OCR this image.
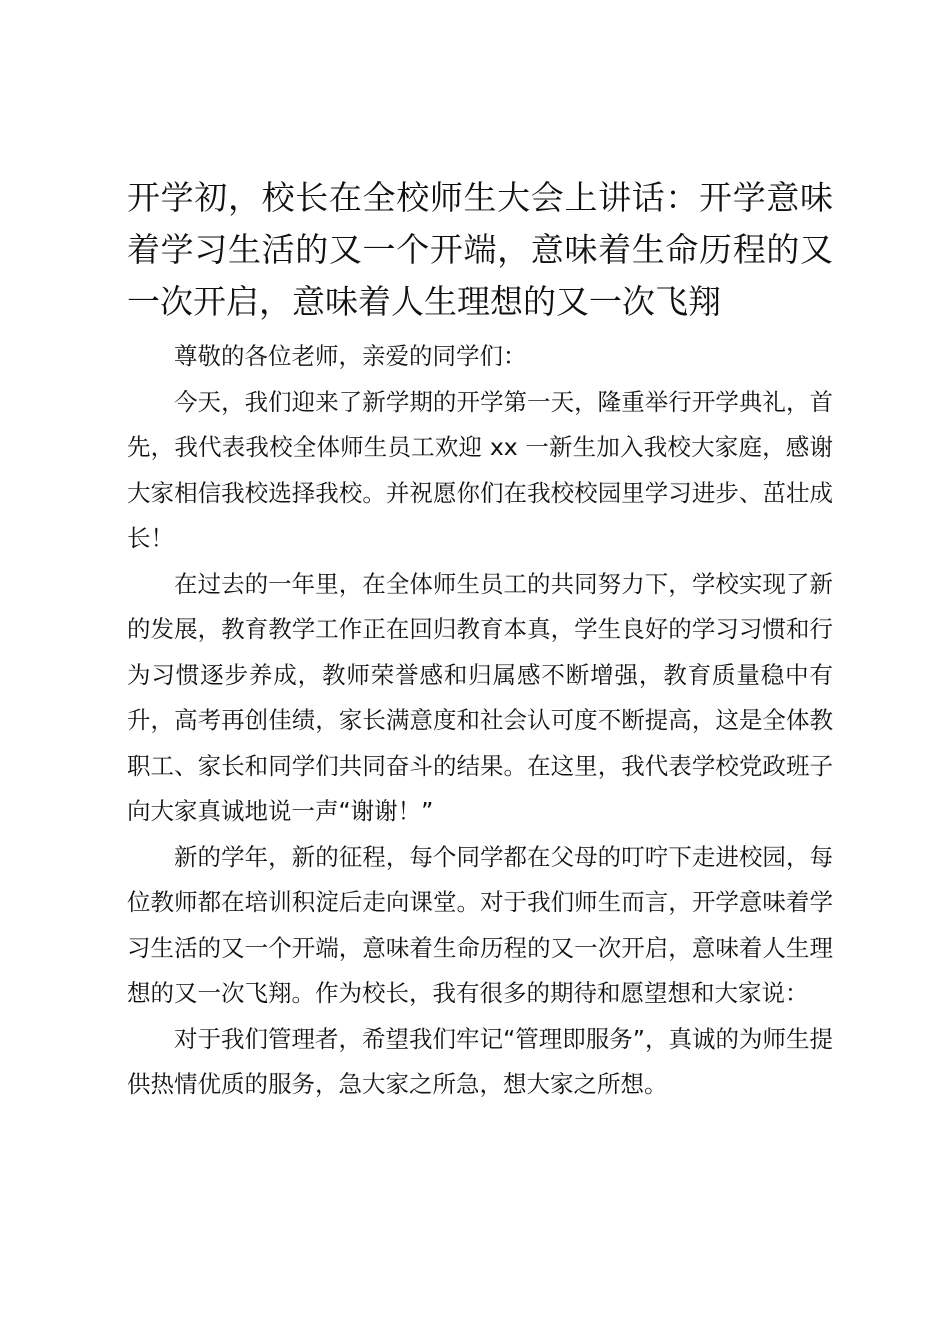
开学初，校长在全校师生大会上讲话：开学意味着学习生活的又一个开端，意味着生命历程的又一次开启，意味着人生理想的又一次飞翔

尊敬的各位老师，亲爱的同学们：

今天，我们迎来了新学期的开学第一天，隆重举行开学典礼，首先，我代表我校全体师生员工欢迎 xx 一新生加入我校大家庭，感谢大家相信我校选择我校。并祝愿你们在我校校园里学习进步、茁壮成长！

在过去的一年里，在全体师生员工的共同努力下，学校实现了新的发展，教育教学工作正在回归教育本真，学生良好的学习习惯和行为习惯逐步养成，教师荣誉感和归属感不断增强，教育质量稳中有升，高考再创佳绩，家长满意度和社会认可度不断提高，这是全体教职工、家长和同学们共同奋斗的结果。在这里，我代表学校党政班子向大家真诚地说一声“谢谢！”

新的学年，新的征程，每个同学都在父母的叮咛下走进校园，每位教师都在培训积淀后走向课堂。对于我们师生而言，开学意味着学习生活的又一个开端，意味着生命历程的又一次开启，意味着人生理想的又一次飞翔。作为校长，我有很多的期待和愿望想和大家说：

对于我们管理者，希望我们牢记“管理即服务”，真诚的为师生提供热情优质的服务，急大家之所急，想大家之所想。
